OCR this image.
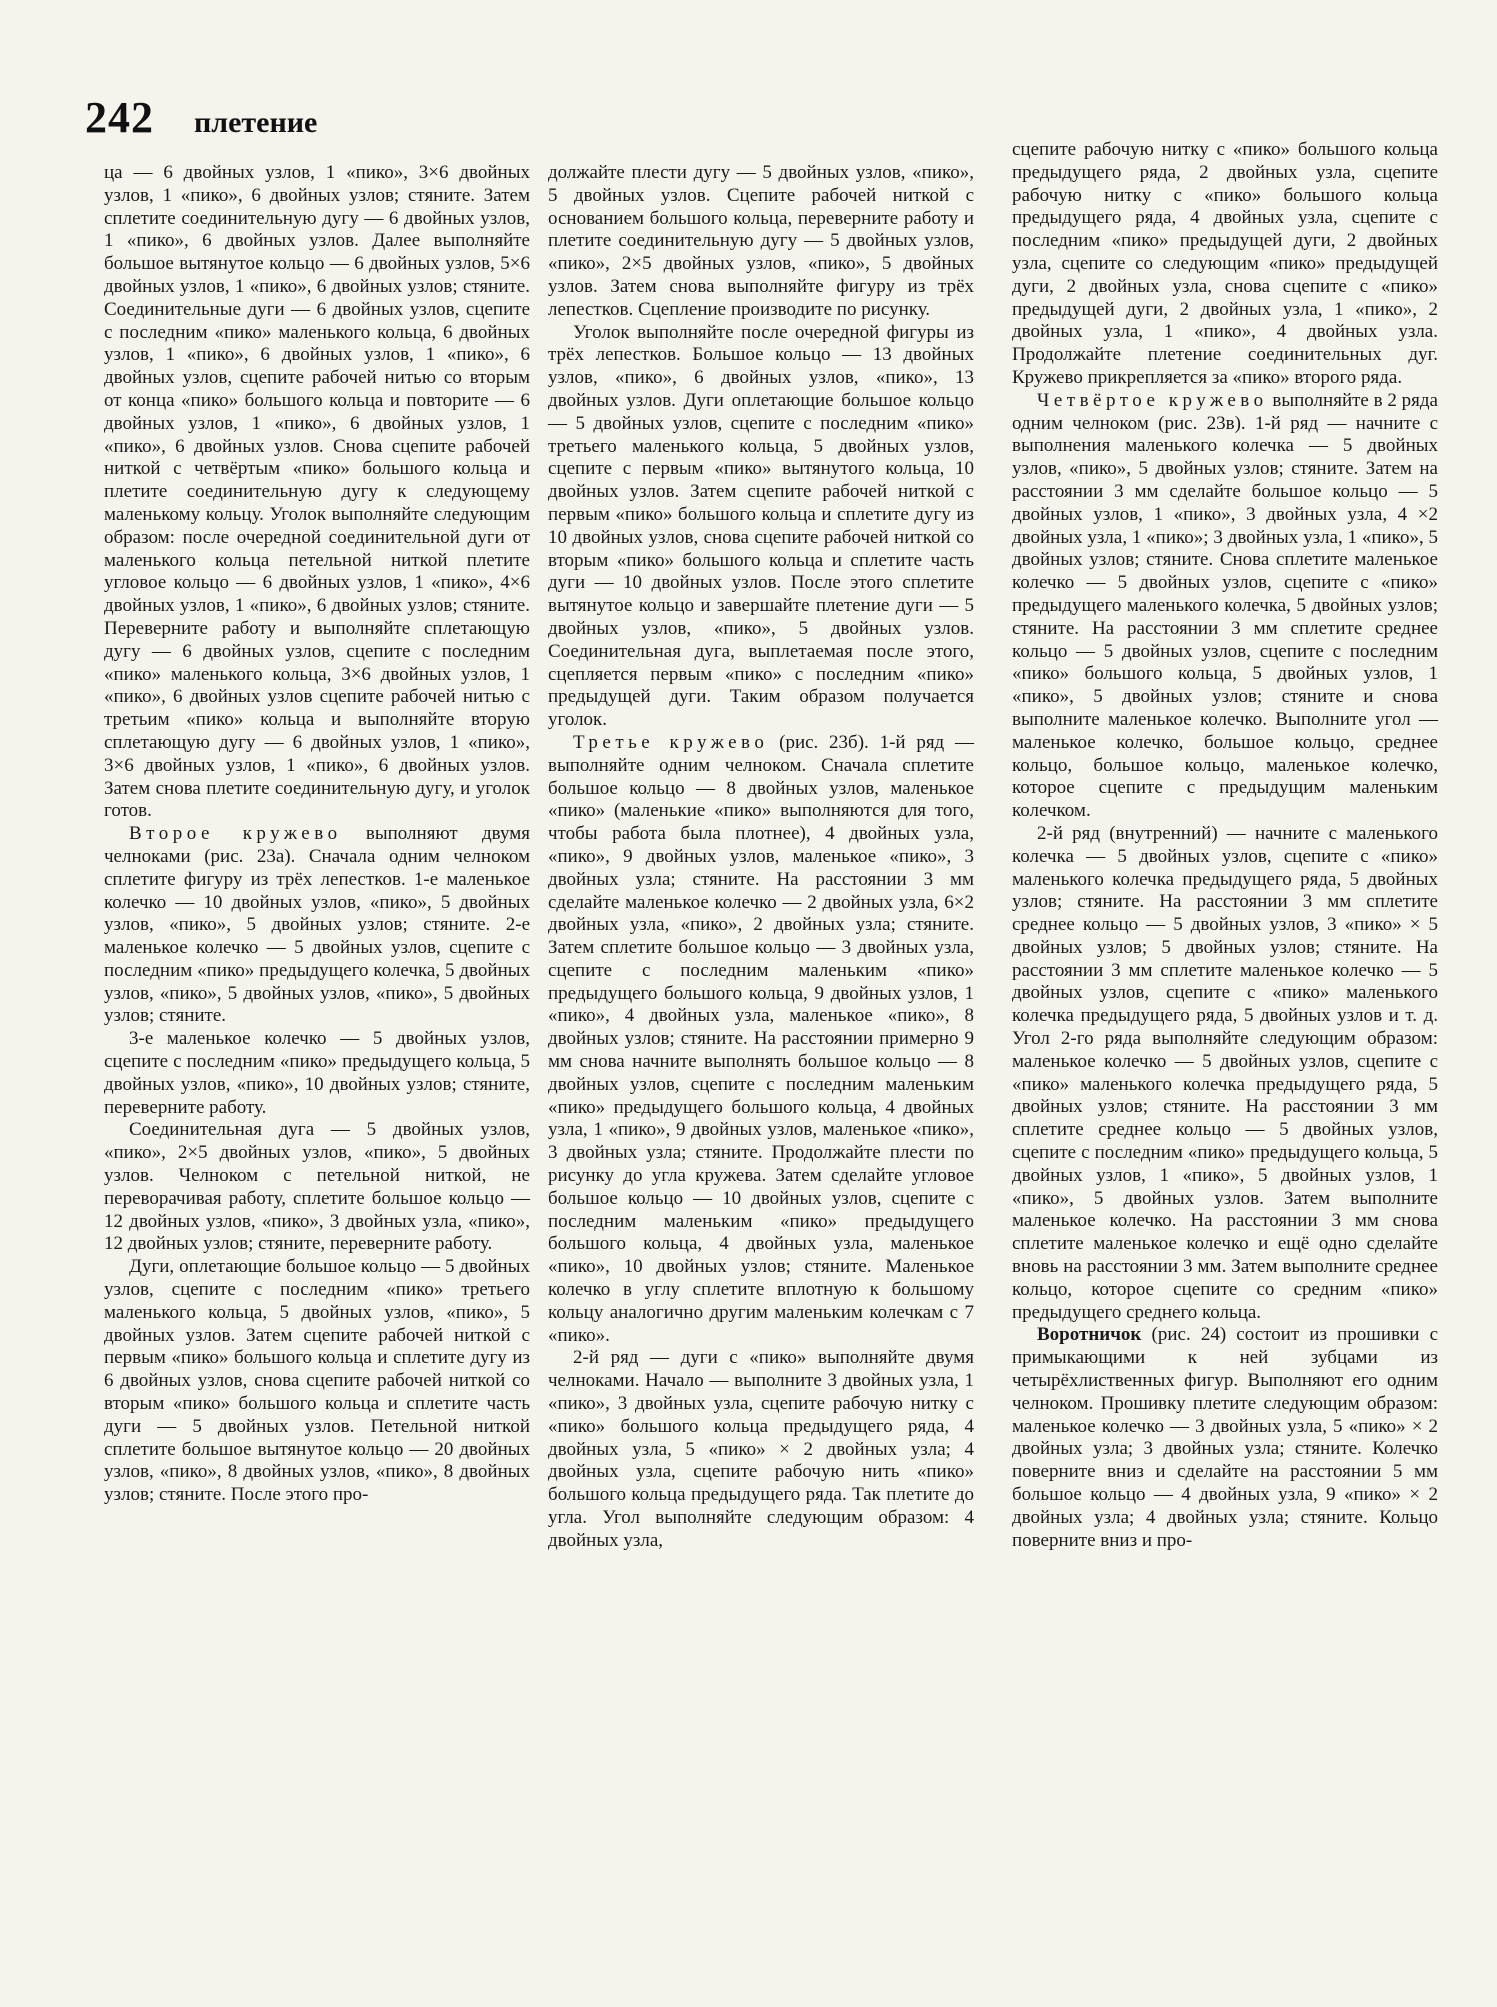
242 плетение

ца — 6 двойных узлов, 1 «пико», 3×6 двойных узлов, 1 «пико», 6 двойных узлов; стяните. Затем сплетите соединительную дугу — 6 двойных узлов, 1 «пико», 6 двойных узлов. Далее выполняйте большое вытянутое кольцо — 6 двойных узлов, 5×6 двойных узлов, 1 «пико», 6 двойных узлов; стяните. Соединительные дуги — 6 двойных узлов, сцепите с последним «пико» маленького кольца, 6 двойных узлов, 1 «пико», 6 двойных узлов, 1 «пико», 6 двойных узлов, сцепите рабочей нитью со вторым от конца «пико» большого кольца и повторите — 6 двойных узлов, 1 «пико», 6 двойных узлов, 1 «пико», 6 двойных узлов. Снова сцепите рабочей ниткой с четвёртым «пико» большого кольца и плетите соединительную дугу к следующему маленькому кольцу. Уголок выполняйте следующим образом: после очередной соединительной дуги от маленького кольца петельной ниткой плетите угловое кольцо — 6 двойных узлов, 1 «пико», 4×6 двойных узлов, 1 «пико», 6 двойных узлов; стяните. Переверните работу и выполняйте сплетающую дугу — 6 двойных узлов, сцепите с последним «пико» маленького кольца, 3×6 двойных узлов, 1 «пико», 6 двойных узлов сцепите рабочей нитью с третьим «пико» кольца и выполняйте вторую сплетающую дугу — 6 двойных узлов, 1 «пико», 3×6 двойных узлов, 1 «пико», 6 двойных узлов. Затем снова плетите соединительную дугу, и уголок готов.

Второе кружево выполняют двумя челноками (рис. 23а). Сначала одним челноком сплетите фигуру из трёх лепестков. 1-е маленькое колечко — 10 двойных узлов, «пико», 5 двойных узлов, «пико», 5 двойных узлов; стяните. 2-е маленькое колечко — 5 двойных узлов, сцепите с последним «пико» предыдущего колечка, 5 двойных узлов, «пико», 5 двойных узлов, «пико», 5 двойных узлов; стяните.

3-е маленькое колечко — 5 двойных узлов, сцепите с последним «пико» предыдущего кольца, 5 двойных узлов, «пико», 10 двойных узлов; стяните, переверните работу.

Соединительная дуга — 5 двойных узлов, «пико», 2×5 двойных узлов, «пико», 5 двойных узлов. Челноком с петельной ниткой, не переворачивая работу, сплетите большое кольцо — 12 двойных узлов, «пико», 3 двойных узла, «пико», 12 двойных узлов; стяните, переверните работу.

Дуги, оплетающие большое кольцо — 5 двойных узлов, сцепите с последним «пико» третьего маленького кольца, 5 двойных узлов, «пико», 5 двойных узлов. Затем сцепите рабочей ниткой с первым «пико» большого кольца и сплетите дугу из 6 двойных узлов, снова сцепите рабочей ниткой со вторым «пико» большого кольца и сплетите часть дуги — 5 двойных узлов. Петельной ниткой сплетите большое вытянутое кольцо — 20 двойных узлов, «пико», 8 двойных узлов, «пико», 8 двойных узлов; стяните. После этого про-

должайте плести дугу — 5 двойных узлов, «пико», 5 двойных узлов. Сцепите рабочей ниткой с основанием большого кольца, переверните работу и плетите соединительную дугу — 5 двойных узлов, «пико», 2×5 двойных узлов, «пико», 5 двойных узлов. Затем снова выполняйте фигуру из трёх лепестков. Сцепление производите по рисунку.

Уголок выполняйте после очередной фигуры из трёх лепестков. Большое кольцо — 13 двойных узлов, «пико», 6 двойных узлов, «пико», 13 двойных узлов. Дуги оплетающие большое кольцо — 5 двойных узлов, сцепите с последним «пико» третьего маленького кольца, 5 двойных узлов, сцепите с первым «пико» вытянутого кольца, 10 двойных узлов. Затем сцепите рабочей ниткой с первым «пико» большого кольца и сплетите дугу из 10 двойных узлов, снова сцепите рабочей ниткой со вторым «пико» большого кольца и сплетите часть дуги — 10 двойных узлов. После этого сплетите вытянутое кольцо и завершайте плетение дуги — 5 двойных узлов, «пико», 5 двойных узлов. Соединительная дуга, выплетаемая после этого, сцепляется первым «пико» с последним «пико» предыдущей дуги. Таким образом получается уголок.

Третье кружево (рис. 23б). 1-й ряд — выполняйте одним челноком. Сначала сплетите большое кольцо — 8 двойных узлов, маленькое «пико» (маленькие «пико» выполняются для того, чтобы работа была плотнее), 4 двойных узла, «пико», 9 двойных узлов, маленькое «пико», 3 двойных узла; стяните. На расстоянии 3 мм сделайте маленькое колечко — 2 двойных узла, 6×2 двойных узла, «пико», 2 двойных узла; стяните. Затем сплетите большое кольцо — 3 двойных узла, сцепите с последним маленьким «пико» предыдущего большого кольца, 9 двойных узлов, 1 «пико», 4 двойных узла, маленькое «пико», 8 двойных узлов; стяните. На расстоянии примерно 9 мм снова начните выполнять большое кольцо — 8 двойных узлов, сцепите с последним маленьким «пико» предыдущего большого кольца, 4 двойных узла, 1 «пико», 9 двойных узлов, маленькое «пико», 3 двойных узла; стяните. Продолжайте плести по рисунку до угла кружева. Затем сделайте угловое большое кольцо — 10 двойных узлов, сцепите с последним маленьким «пико» предыдущего большого кольца, 4 двойных узла, маленькое «пико», 10 двойных узлов; стяните. Маленькое колечко в углу сплетите вплотную к большому кольцу аналогично другим маленьким колечкам с 7 «пико».

2-й ряд — дуги с «пико» выполняйте двумя челноками. Начало — выполните 3 двойных узла, 1 «пико», 3 двойных узла, сцепите рабочую нитку с «пико» большого кольца предыдущего ряда, 4 двойных узла, 5 «пико» × 2 двойных узла; 4 двойных узла, сцепите рабочую нить «пико» большого кольца предыдущего ряда. Так плетите до угла. Угол выполняйте следующим образом: 4 двойных узла,

сцепите рабочую нитку с «пико» большого кольца предыдущего ряда, 2 двойных узла, сцепите рабочую нитку с «пико» большого кольца предыдущего ряда, 4 двойных узла, сцепите с последним «пико» предыдущей дуги, 2 двойных узла, сцепите со следующим «пико» предыдущей дуги, 2 двойных узла, снова сцепите с «пико» предыдущей дуги, 2 двойных узла, 1 «пико», 2 двойных узла, 1 «пико», 4 двойных узла. Продолжайте плетение соединительных дуг. Кружево прикрепляется за «пико» второго ряда.

Четвёртое кружево выполняйте в 2 ряда одним челноком (рис. 23в). 1-й ряд — начните с выполнения маленького колечка — 5 двойных узлов, «пико», 5 двойных узлов; стяните. Затем на расстоянии 3 мм сделайте большое кольцо — 5 двойных узлов, 1 «пико», 3 двойных узла, 4 ×2 двойных узла, 1 «пико»; 3 двойных узла, 1 «пико», 5 двойных узлов; стяните. Снова сплетите маленькое колечко — 5 двойных узлов, сцепите с «пико» предыдущего маленького колечка, 5 двойных узлов; стяните. На расстоянии 3 мм сплетите среднее кольцо — 5 двойных узлов, сцепите с последним «пико» большого кольца, 5 двойных узлов, 1 «пико», 5 двойных узлов; стяните и снова выполните маленькое колечко. Выполните угол — маленькое колечко, большое кольцо, среднее кольцо, большое кольцо, маленькое колечко, которое сцепите с предыдущим маленьким колечком.

2-й ряд (внутренний) — начните с маленького колечка — 5 двойных узлов, сцепите с «пико» маленького колечка предыдущего ряда, 5 двойных узлов; стяните. На расстоянии 3 мм сплетите среднее кольцо — 5 двойных узлов, 3 «пико» × 5 двойных узлов; 5 двойных узлов; стяните. На расстоянии 3 мм сплетите маленькое колечко — 5 двойных узлов, сцепите с «пико» маленького колечка предыдущего ряда, 5 двойных узлов и т. д. Угол 2-го ряда выполняйте следующим образом: маленькое колечко — 5 двойных узлов, сцепите с «пико» маленького колечка предыдущего ряда, 5 двойных узлов; стяните. На расстоянии 3 мм сплетите среднее кольцо — 5 двойных узлов, сцепите с последним «пико» предыдущего кольца, 5 двойных узлов, 1 «пико», 5 двойных узлов, 1 «пико», 5 двойных узлов. Затем выполните маленькое колечко. На расстоянии 3 мм снова сплетите маленькое колечко и ещё одно сделайте вновь на расстоянии 3 мм. Затем выполните среднее кольцо, которое сцепите со средним «пико» предыдущего среднего кольца.

Воротничок (рис. 24) состоит из прошивки с примыкающими к ней зубцами из четырёхлиственных фигур. Выполняют его одним челноком. Прошивку плетите следующим образом: маленькое колечко — 3 двойных узла, 5 «пико» × 2 двойных узла; 3 двойных узла; стяните. Колечко поверните вниз и сделайте на расстоянии 5 мм большое кольцо — 4 двойных узла, 9 «пико» × 2 двойных узла; 4 двойных узла; стяните. Кольцо поверните вниз и про-
